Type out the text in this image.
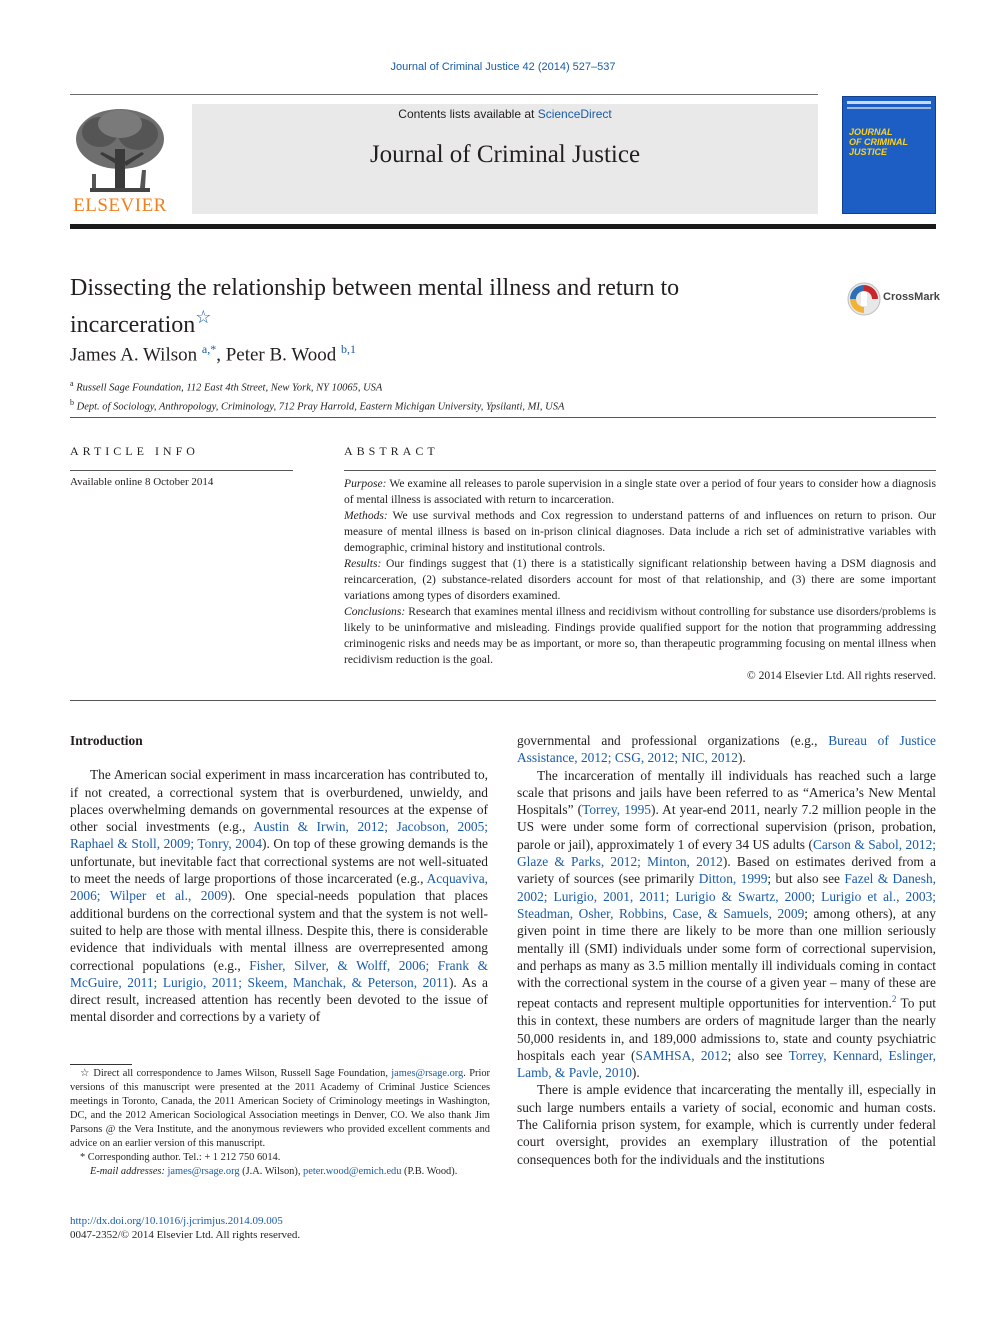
Journal of Criminal Justice 42 (2014) 527–537
ELSEVIER
Contents lists available at ScienceDirect
Journal of Criminal Justice
JOURNAL
OF CRIMINAL
JUSTICE
Dissecting the relationship between mental illness and return to incarceration☆
CrossMark
James A. Wilson $^{a,*}$, Peter B. Wood $^{b,1}$
$^a$ Russell Sage Foundation, 112 East 4th Street, New York, NY 10065, USA
$^b$ Dept. of Sociology, Anthropology, Criminology, 712 Pray Harrold, Eastern Michigan University, Ypsilanti, MI, USA
ARTICLE INFO
Available online 8 October 2014
ABSTRACT
Purpose: We examine all releases to parole supervision in a single state over a period of four years to consider how a diagnosis of mental illness is associated with return to incarceration.
Methods: We use survival methods and Cox regression to understand patterns of and influences on return to prison. Our measure of mental illness is based on in-prison clinical diagnoses. Data include a rich set of administrative variables with demographic, criminal history and institutional controls.
Results: Our findings suggest that (1) there is a statistically significant relationship between having a DSM diagnosis and reincarceration, (2) substance-related disorders account for most of that relationship, and (3) there are some important variations among types of disorders examined.
Conclusions: Research that examines mental illness and recidivism without controlling for substance use disorders/problems is likely to be uninformative and misleading. Findings provide qualified support for the notion that programming addressing criminogenic risks and needs may be as important, or more so, than therapeutic programming focusing on mental illness when recidivism reduction is the goal.
© 2014 Elsevier Ltd. All rights reserved.

Introduction

The American social experiment in mass incarceration has contributed to, if not created, a correctional system that is overburdened, unwieldy, and places overwhelming demands on governmental resources at the expense of other social investments (e.g., Austin & Irwin, 2012; Jacobson, 2005; Raphael & Stoll, 2009; Tonry, 2004). On top of these growing demands is the unfortunate, but inevitable fact that correctional systems are not well-situated to meet the needs of large proportions of those incarcerated (e.g., Acquaviva, 2006; Wilper et al., 2009). One special-needs population that places additional burdens on the correctional system and that the system is not well-suited to help are those with mental illness. Despite this, there is considerable evidence that individuals with mental illness are overrepresented among correctional populations (e.g., Fisher, Silver, & Wolff, 2006; Frank & McGuire, 2011; Lurigio, 2011; Skeem, Manchak, & Peterson, 2011). As a direct result, increased attention has recently been devoted to the issue of mental disorder and corrections by a variety of

governmental and professional organizations (e.g., Bureau of Justice Assistance, 2012; CSG, 2012; NIC, 2012).

The incarceration of mentally ill individuals has reached such a large scale that prisons and jails have been referred to as “America’s New Mental Hospitals” (Torrey, 1995). At year-end 2011, nearly 7.2 million people in the US were under some form of correctional supervision (prison, probation, parole or jail), approximately 1 of every 34 US adults (Carson & Sabol, 2012; Glaze & Parks, 2012; Minton, 2012). Based on estimates derived from a variety of sources (see primarily Ditton, 1999; but also see Fazel & Danesh, 2002; Lurigio, 2001, 2011; Lurigio & Swartz, 2000; Lurigio et al., 2003; Steadman, Osher, Robbins, Case, & Samuels, 2009; among others), at any given point in time there are likely to be more than one million seriously mentally ill (SMI) individuals under some form of correctional supervision, and perhaps as many as 3.5 million mentally ill individuals coming in contact with the correctional system in the course of a given year – many of these are repeat contacts and represent multiple opportunities for intervention.$^2$ To put this in context, these numbers are orders of magnitude larger than the nearly 50,000 residents in, and 189,000 admissions to, state and county psychiatric hospitals each year (SAMHSA, 2012; also see Torrey, Kennard, Eslinger, Lamb, & Pavle, 2010).

There is ample evidence that incarcerating the mentally ill, especially in such large numbers entails a variety of social, economic and human costs. The California prison system, for example, which is currently under federal court oversight, provides an exemplary illustration of the potential consequences both for the individuals and the institutions

☆ Direct all correspondence to James Wilson, Russell Sage Foundation, james@rsage.org. Prior versions of this manuscript were presented at the 2011 Academy of Criminal Justice Sciences meetings in Toronto, Canada, the 2011 American Society of Criminology meetings in Washington, DC, and the 2012 American Sociological Association meetings in Denver, CO. We also thank Jim Parsons @ the Vera Institute, and the anonymous reviewers who provided excellent comments and advice on an earlier version of this manuscript.

* Corresponding author. Tel.: + 1 212 750 6014.

E-mail addresses: james@rsage.org (J.A. Wilson), peter.wood@emich.edu (P.B. Wood).

http://dx.doi.org/10.1016/j.jcrimjus.2014.09.005
0047-2352/© 2014 Elsevier Ltd. All rights reserved.
